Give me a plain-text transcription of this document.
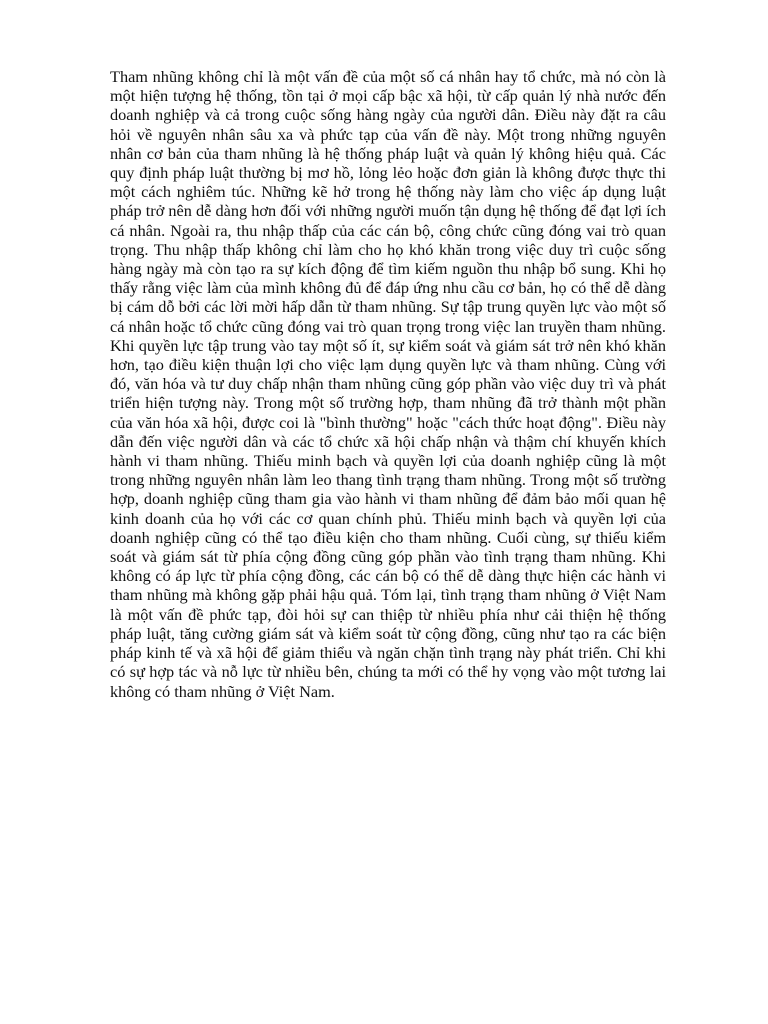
Tham nhũng không chỉ là một vấn đề của một số cá nhân hay tổ chức, mà nó còn là một hiện tượng hệ thống, tồn tại ở mọi cấp bậc xã hội, từ cấp quản lý nhà nước đến doanh nghiệp và cả trong cuộc sống hàng ngày của người dân. Điều này đặt ra câu hỏi về nguyên nhân sâu xa và phức tạp của vấn đề này. Một trong những nguyên nhân cơ bản của tham nhũng là hệ thống pháp luật và quản lý không hiệu quả. Các quy định pháp luật thường bị mơ hồ, lỏng lẻo hoặc đơn giản là không được thực thi một cách nghiêm túc. Những kẽ hở trong hệ thống này làm cho việc áp dụng luật pháp trở nên dễ dàng hơn đối với những người muốn tận dụng hệ thống để đạt lợi ích cá nhân. Ngoài ra, thu nhập thấp của các cán bộ, công chức cũng đóng vai trò quan trọng. Thu nhập thấp không chỉ làm cho họ khó khăn trong việc duy trì cuộc sống hàng ngày mà còn tạo ra sự kích động để tìm kiếm nguồn thu nhập bổ sung. Khi họ thấy rằng việc làm của mình không đủ để đáp ứng nhu cầu cơ bản, họ có thể dễ dàng bị cám dỗ bởi các lời mời hấp dẫn từ tham nhũng. Sự tập trung quyền lực vào một số cá nhân hoặc tổ chức cũng đóng vai trò quan trọng trong việc lan truyền tham nhũng. Khi quyền lực tập trung vào tay một số ít, sự kiểm soát và giám sát trở nên khó khăn hơn, tạo điều kiện thuận lợi cho việc lạm dụng quyền lực và tham nhũng. Cùng với đó, văn hóa và tư duy chấp nhận tham nhũng cũng góp phần vào việc duy trì và phát triển hiện tượng này. Trong một số trường hợp, tham nhũng đã trở thành một phần của văn hóa xã hội, được coi là "bình thường" hoặc "cách thức hoạt động". Điều này dẫn đến việc người dân và các tổ chức xã hội chấp nhận và thậm chí khuyến khích hành vi tham nhũng. Thiếu minh bạch và quyền lợi của doanh nghiệp cũng là một trong những nguyên nhân làm leo thang tình trạng tham nhũng. Trong một số trường hợp, doanh nghiệp cũng tham gia vào hành vi tham nhũng để đảm bảo mối quan hệ kinh doanh của họ với các cơ quan chính phủ. Thiếu minh bạch và quyền lợi của doanh nghiệp cũng có thể tạo điều kiện cho tham nhũng. Cuối cùng, sự thiếu kiểm soát và giám sát từ phía cộng đồng cũng góp phần vào tình trạng tham nhũng. Khi không có áp lực từ phía cộng đồng, các cán bộ có thể dễ dàng thực hiện các hành vi tham nhũng mà không gặp phải hậu quả. Tóm lại, tình trạng tham nhũng ở Việt Nam là một vấn đề phức tạp, đòi hỏi sự can thiệp từ nhiều phía như cải thiện hệ thống pháp luật, tăng cường giám sát và kiểm soát từ cộng đồng, cũng như tạo ra các biện pháp kinh tế và xã hội để giảm thiểu và ngăn chặn tình trạng này phát triển. Chỉ khi có sự hợp tác và nỗ lực từ nhiều bên, chúng ta mới có thể hy vọng vào một tương lai không có tham nhũng ở Việt Nam.
